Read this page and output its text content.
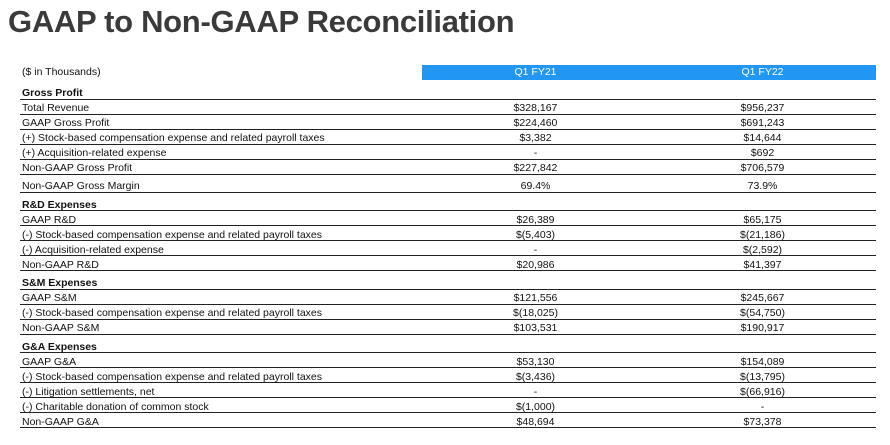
GAAP to Non-GAAP Reconciliation
($ in Thousands)	Q1 FY21	Q1 FY22
Gross Profit		
Total Revenue	$328,167	$956,237
GAAP Gross Profit	$224,460	$691,243
(+) Stock-based compensation expense and related payroll taxes	$3,382	$14,644
(+) Acquisition-related expense	-	$692
Non-GAAP Gross Profit	$227,842	$706,579
Non-GAAP Gross Margin	69.4%	73.9%
R&D Expenses		
GAAP R&D	$26,389	$65,175
(-) Stock-based compensation expense and related payroll taxes	$(5,403)	$(21,186)
(-) Acquisition-related expense	-	$(2,592)
Non-GAAP R&D	$20,986	$41,397
S&M Expenses		
GAAP S&M	$121,556	$245,667
(-) Stock-based compensation expense and related payroll taxes	$(18,025)	$(54,750)
Non-GAAP S&M	$103,531	$190,917
G&A Expenses		
GAAP G&A	$53,130	$154,089
(-) Stock-based compensation expense and related payroll taxes	$(3,436)	$(13,795)
(-) Litigation settlements, net	-	$(66,916)
(-) Charitable donation of common stock	$(1,000)	-
Non-GAAP G&A	$48,694	$73,378
